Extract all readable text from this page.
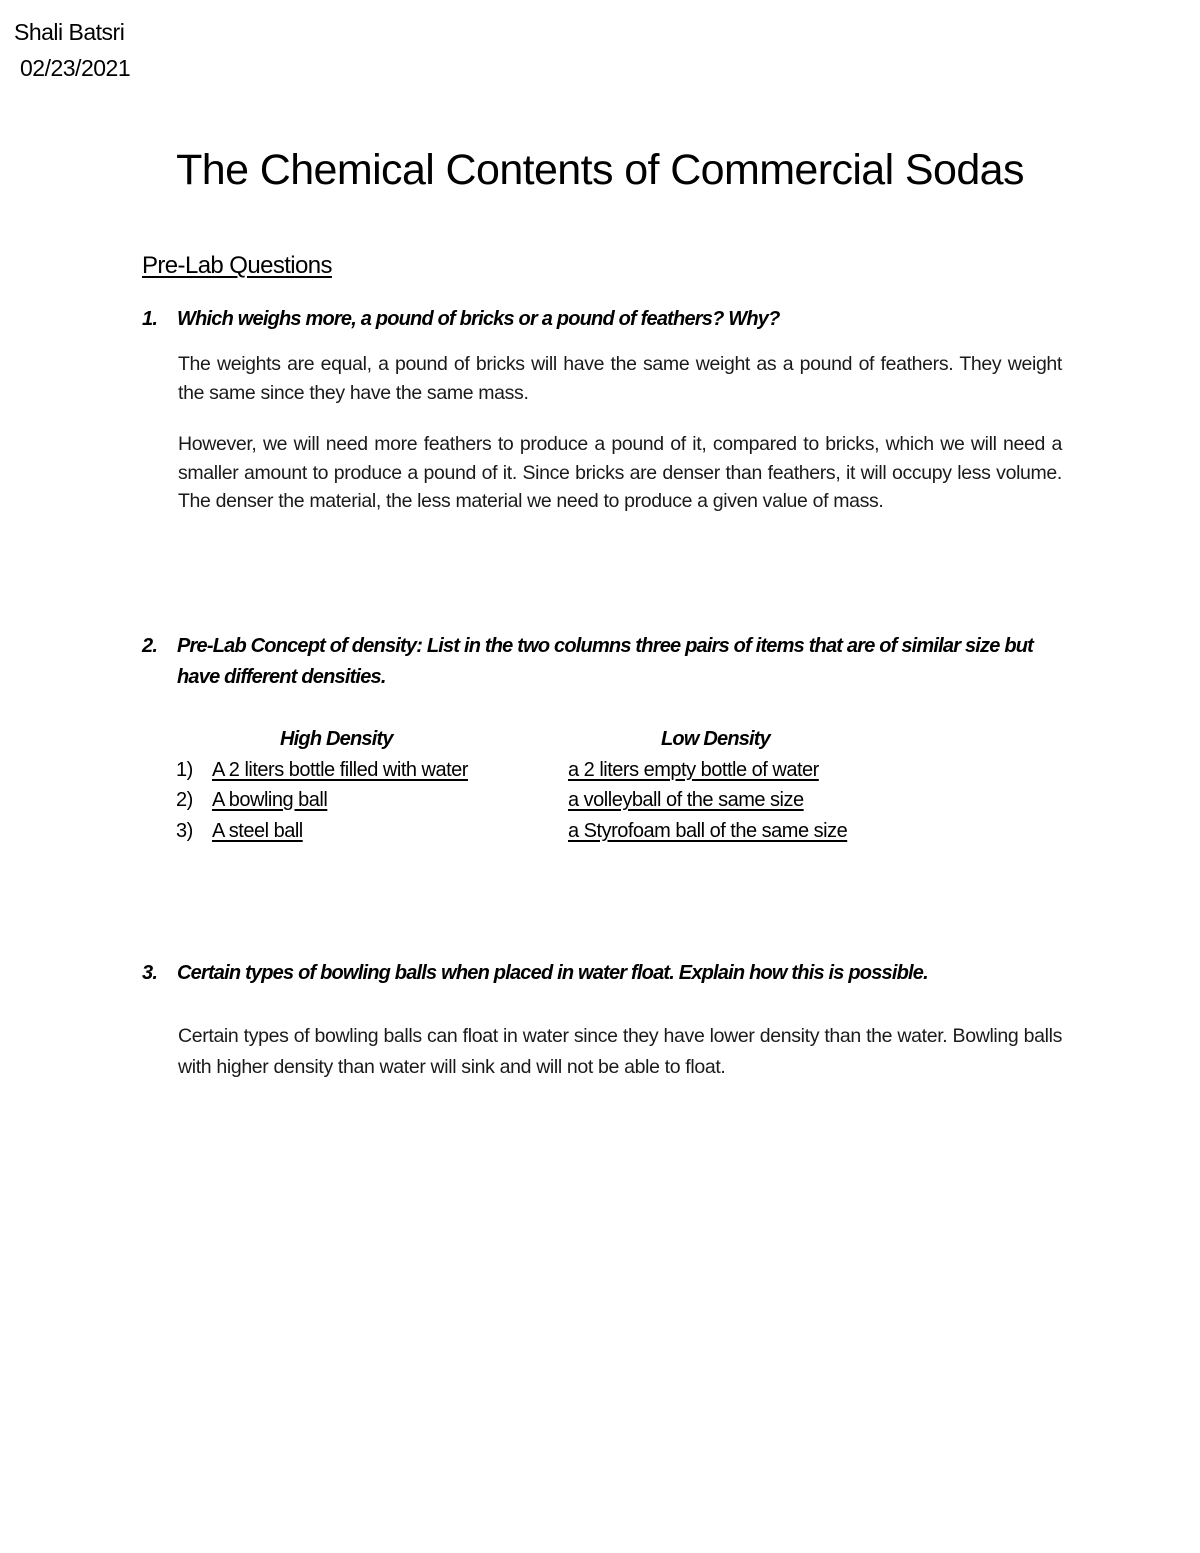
Shali Batsri
02/23/2021
The Chemical Contents of Commercial Sodas
Pre-Lab Questions
1. Which weighs more, a pound of bricks or a pound of feathers? Why?

The weights are equal, a pound of bricks will have the same weight as a pound of feathers. They weight the same since they have the same mass.

However, we will need more feathers to produce a pound of it, compared to bricks, which we will need a smaller amount to produce a pound of it. Since bricks are denser than feathers, it will occupy less volume. The denser the material, the less material we need to produce a given value of mass.

2. Pre-Lab Concept of density: List in the two columns three pairs of items that are of similar size but have different densities.
High Density	Low Density
1) A 2 liters bottle filled with water	a 2 liters empty bottle of water
2) A bowling ball	a volleyball of the same size
3) A steel ball	a Styrofoam ball of the same size
3. Certain types of bowling balls when placed in water float. Explain how this is possible.

Certain types of bowling balls can float in water since they have lower density than the water. Bowling balls with higher density than water will sink and will not be able to float.
